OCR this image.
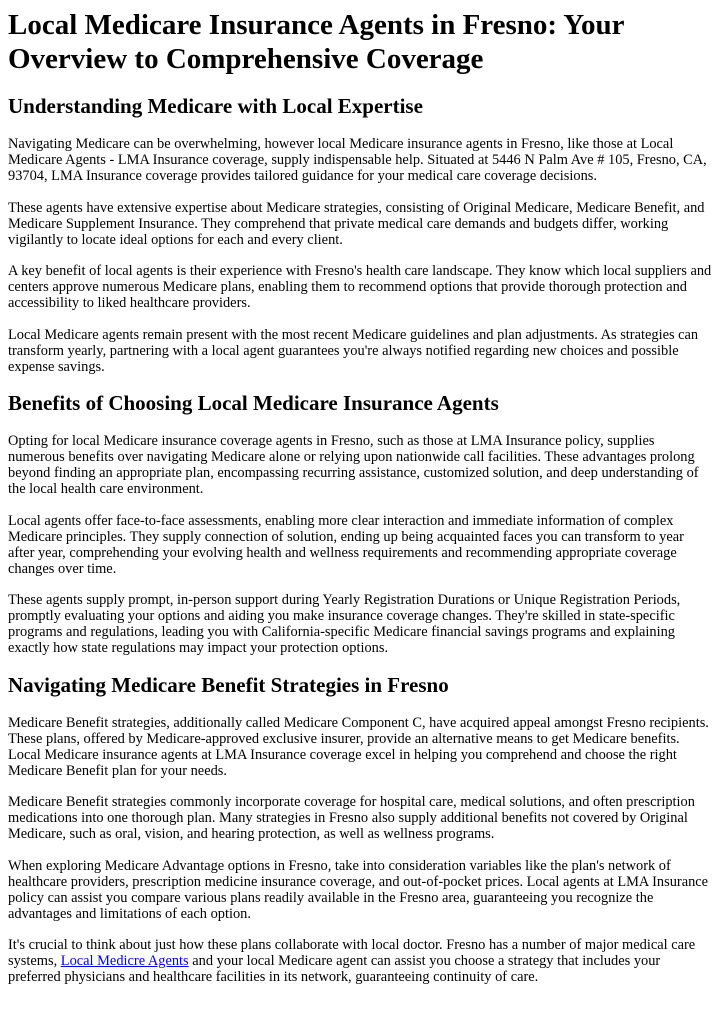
Local Medicare Insurance Agents in Fresno: Your Overview to Comprehensive Coverage
Understanding Medicare with Local Expertise

Navigating Medicare can be overwhelming, however local Medicare insurance agents in Fresno, like those at Local Medicare Agents - LMA Insurance coverage, supply indispensable help. Situated at 5446 N Palm Ave # 105, Fresno, CA, 93704, LMA Insurance coverage provides tailored guidance for your medical care coverage decisions.

These agents have extensive expertise about Medicare strategies, consisting of Original Medicare, Medicare Benefit, and Medicare Supplement Insurance. They comprehend that private medical care demands and budgets differ, working vigilantly to locate ideal options for each and every client.

A key benefit of local agents is their experience with Fresno's health care landscape. They know which local suppliers and centers approve numerous Medicare plans, enabling them to recommend options that provide thorough protection and accessibility to liked healthcare providers.

Local Medicare agents remain present with the most recent Medicare guidelines and plan adjustments. As strategies can transform yearly, partnering with a local agent guarantees you're always notified regarding new choices and possible expense savings.

Benefits of Choosing Local Medicare Insurance Agents

Opting for local Medicare insurance coverage agents in Fresno, such as those at LMA Insurance policy, supplies numerous benefits over navigating Medicare alone or relying upon nationwide call facilities. These advantages prolong beyond finding an appropriate plan, encompassing recurring assistance, customized solution, and deep understanding of the local health care environment.

Local agents offer face-to-face assessments, enabling more clear interaction and immediate information of complex Medicare principles. They supply connection of solution, ending up being acquainted faces you can transform to year after year, comprehending your evolving health and wellness requirements and recommending appropriate coverage changes over time.

These agents supply prompt, in-person support during Yearly Registration Durations or Unique Registration Periods, promptly evaluating your options and aiding you make insurance coverage changes. They're skilled in state-specific programs and regulations, leading you with California-specific Medicare financial savings programs and explaining exactly how state regulations may impact your protection options.

Navigating Medicare Benefit Strategies in Fresno

Medicare Benefit strategies, additionally called Medicare Component C, have acquired appeal amongst Fresno recipients. These plans, offered by Medicare-approved exclusive insurer, provide an alternative means to get Medicare benefits. Local Medicare insurance agents at LMA Insurance coverage excel in helping you comprehend and choose the right Medicare Benefit plan for your needs.

Medicare Benefit strategies commonly incorporate coverage for hospital care, medical solutions, and often prescription medications into one thorough plan. Many strategies in Fresno also supply additional benefits not covered by Original Medicare, such as oral, vision, and hearing protection, as well as wellness programs.

When exploring Medicare Advantage options in Fresno, take into consideration variables like the plan's network of healthcare providers, prescription medicine insurance coverage, and out-of-pocket prices. Local agents at LMA Insurance policy can assist you compare various plans readily available in the Fresno area, guaranteeing you recognize the advantages and limitations of each option.

It's crucial to think about just how these plans collaborate with local doctor. Fresno has a number of major medical care systems, Local Medicre Agents and your local Medicare agent can assist you choose a strategy that includes your preferred physicians and healthcare facilities in its network, guaranteeing continuity of care.
